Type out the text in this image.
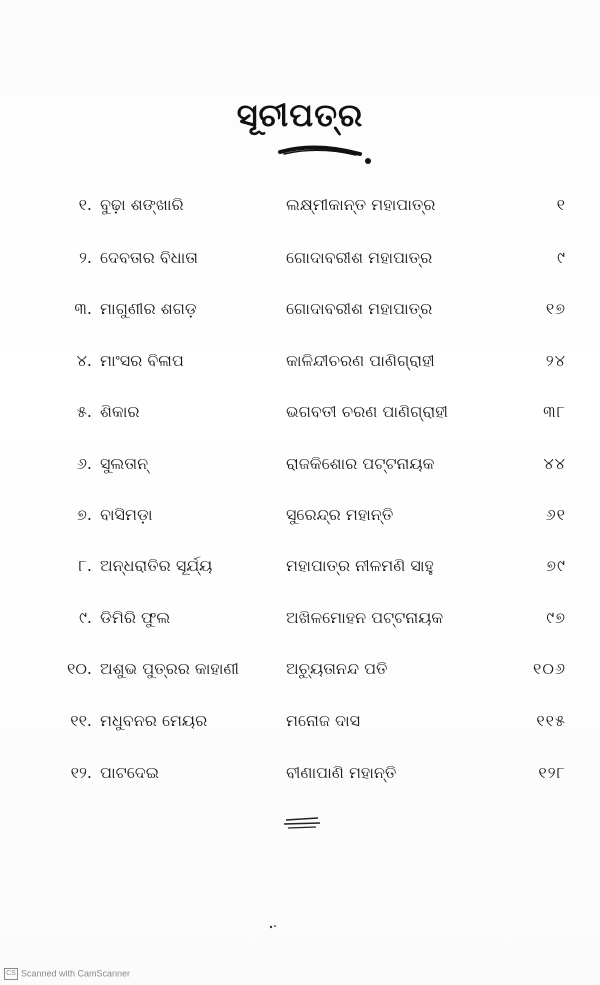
ସୂଚୀପତ୍ର
୧. ବୁଢ଼ା ଶଙ୍ଖାରି	ଲକ୍ଷ୍ମୀକାନ୍ତ ମହାପାତ୍ର	୧
୨. ଦେବତାର ବିଧାତା	ଗୋଦାବରୀଶ ମହାପାତ୍ର	୯
୩. ମାଗୁଣୀର ଶଗଡ଼	ଗୋଦାବରୀଶ ମହାପାତ୍ର	୧୭
୪. ମାଂସର ବିଳାପ	କାଳିନ୍ଦୀଚରଣ ପାଣିଗ୍ରାହୀ	୨୪
୫. ଶିକାର	ଭଗବତୀ ଚରଣ ପାଣିଗ୍ରାହୀ	୩୮
୬. ସୁଲତାନ୍	ରାଜକିଶୋର ପଟ୍ଟନାୟକ	୪୪
୭. ବାସିମଡ଼ା	ସୁରେନ୍ଦ୍ର ମହାନ୍ତି	୬୧
୮. ଅନ୍ଧରାତିର ସୂର୍ଯ୍ୟ	ମହାପାତ୍ର ନୀଳମଣି ସାହୁ	୭୯
୯. ଡିମିରି ଫୁଲ	ଅଖିଳମୋହନ ପଟ୍ଟନାୟକ	୯୭
୧୦. ଅଶୁଭ ପୁତ୍ରର କାହାଣୀ	ଅଚ୍ୟୁତାନନ୍ଦ ପତି	୧୦୬
୧୧. ମଧୁବନର ମେୟର	ମନୋଜ ଦାସ	୧୧୫
୧୨. ପାଟଦେଇ	ବୀଣାପାଣି ମହାନ୍ତି	୧୨୮
CS Scanned with CamScanner
